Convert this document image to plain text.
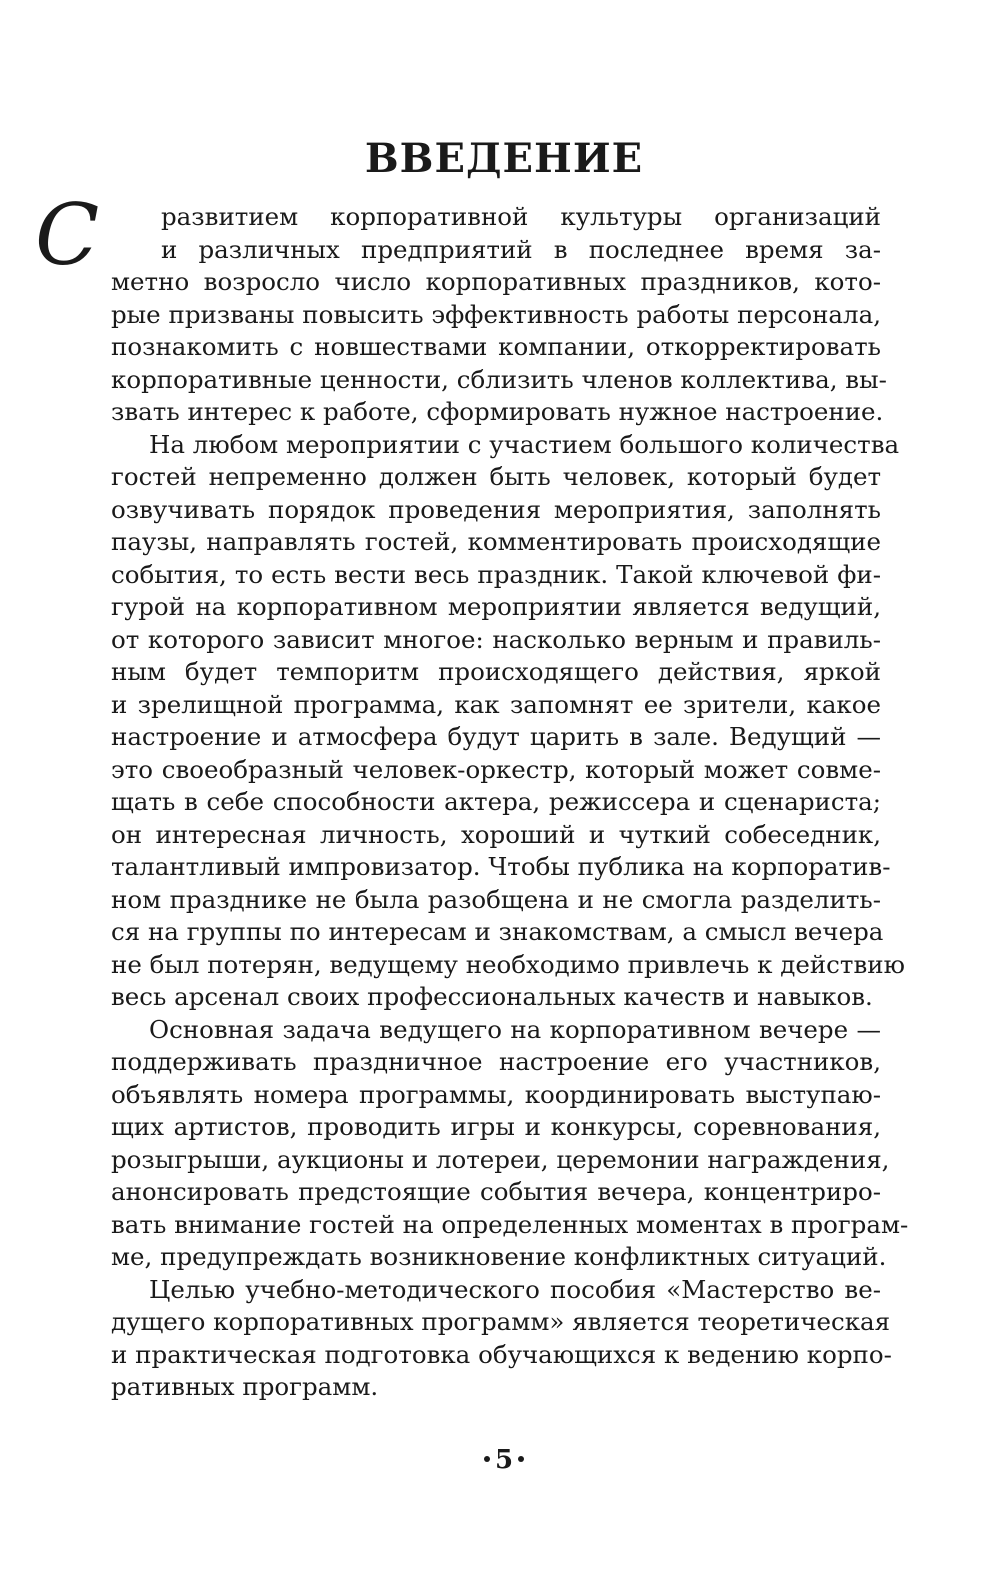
ВВЕДЕНИЕ
С	развитием корпоративной культуры организаций
и различных предприятий в последнее время за-
метно возросло число корпоративных праздников, кото-
рые призваны повысить эффективность работы персонала,
познакомить с новшествами компании, откорректировать
корпоративные ценности, сблизить членов коллектива, вы-
звать интерес к работе, сформировать нужное настроение.
На любом мероприятии с участием большого количества
гостей непременно должен быть человек, который будет
озвучивать порядок проведения мероприятия, заполнять
паузы, направлять гостей, комментировать происходящие
события, то есть вести весь праздник. Такой ключевой фи-
гурой на корпоративном мероприятии является ведущий,
от которого зависит многое: насколько верным и правиль-
ным будет темпоритм происходящего действия, яркой
и зрелищной программа, как запомнят ее зрители, какое
настроение и атмосфера будут царить в зале. Ведущий —
это своеобразный человек-оркестр, который может совме-
щать в себе способности актера, режиссера и сценариста;
он интересная личность, хороший и чуткий собеседник,
талантливый импровизатор. Чтобы публика на корпоратив-
ном празднике не была разобщена и не смогла разделить-
ся на группы по интересам и знакомствам, а смысл вечера
не был потерян, ведущему необходимо привлечь к действию
весь арсенал своих профессиональных качеств и навыков.
Основная задача ведущего на корпоративном вечере —
поддерживать праздничное настроение его участников,
объявлять номера программы, координировать выступаю-
щих артистов, проводить игры и конкурсы, соревнования,
розыгрыши, аукционы и лотереи, церемонии награждения,
анонсировать предстоящие события вечера, концентриро-
вать внимание гостей на определенных моментах в програм-
ме, предупреждать возникновение конфликтных ситуаций.
Целью учебно-методического пособия «Мастерство ве-
дущего корпоративных программ» является теоретическая
и практическая подготовка обучающихся к ведению корпо-
ративных программ.
5
